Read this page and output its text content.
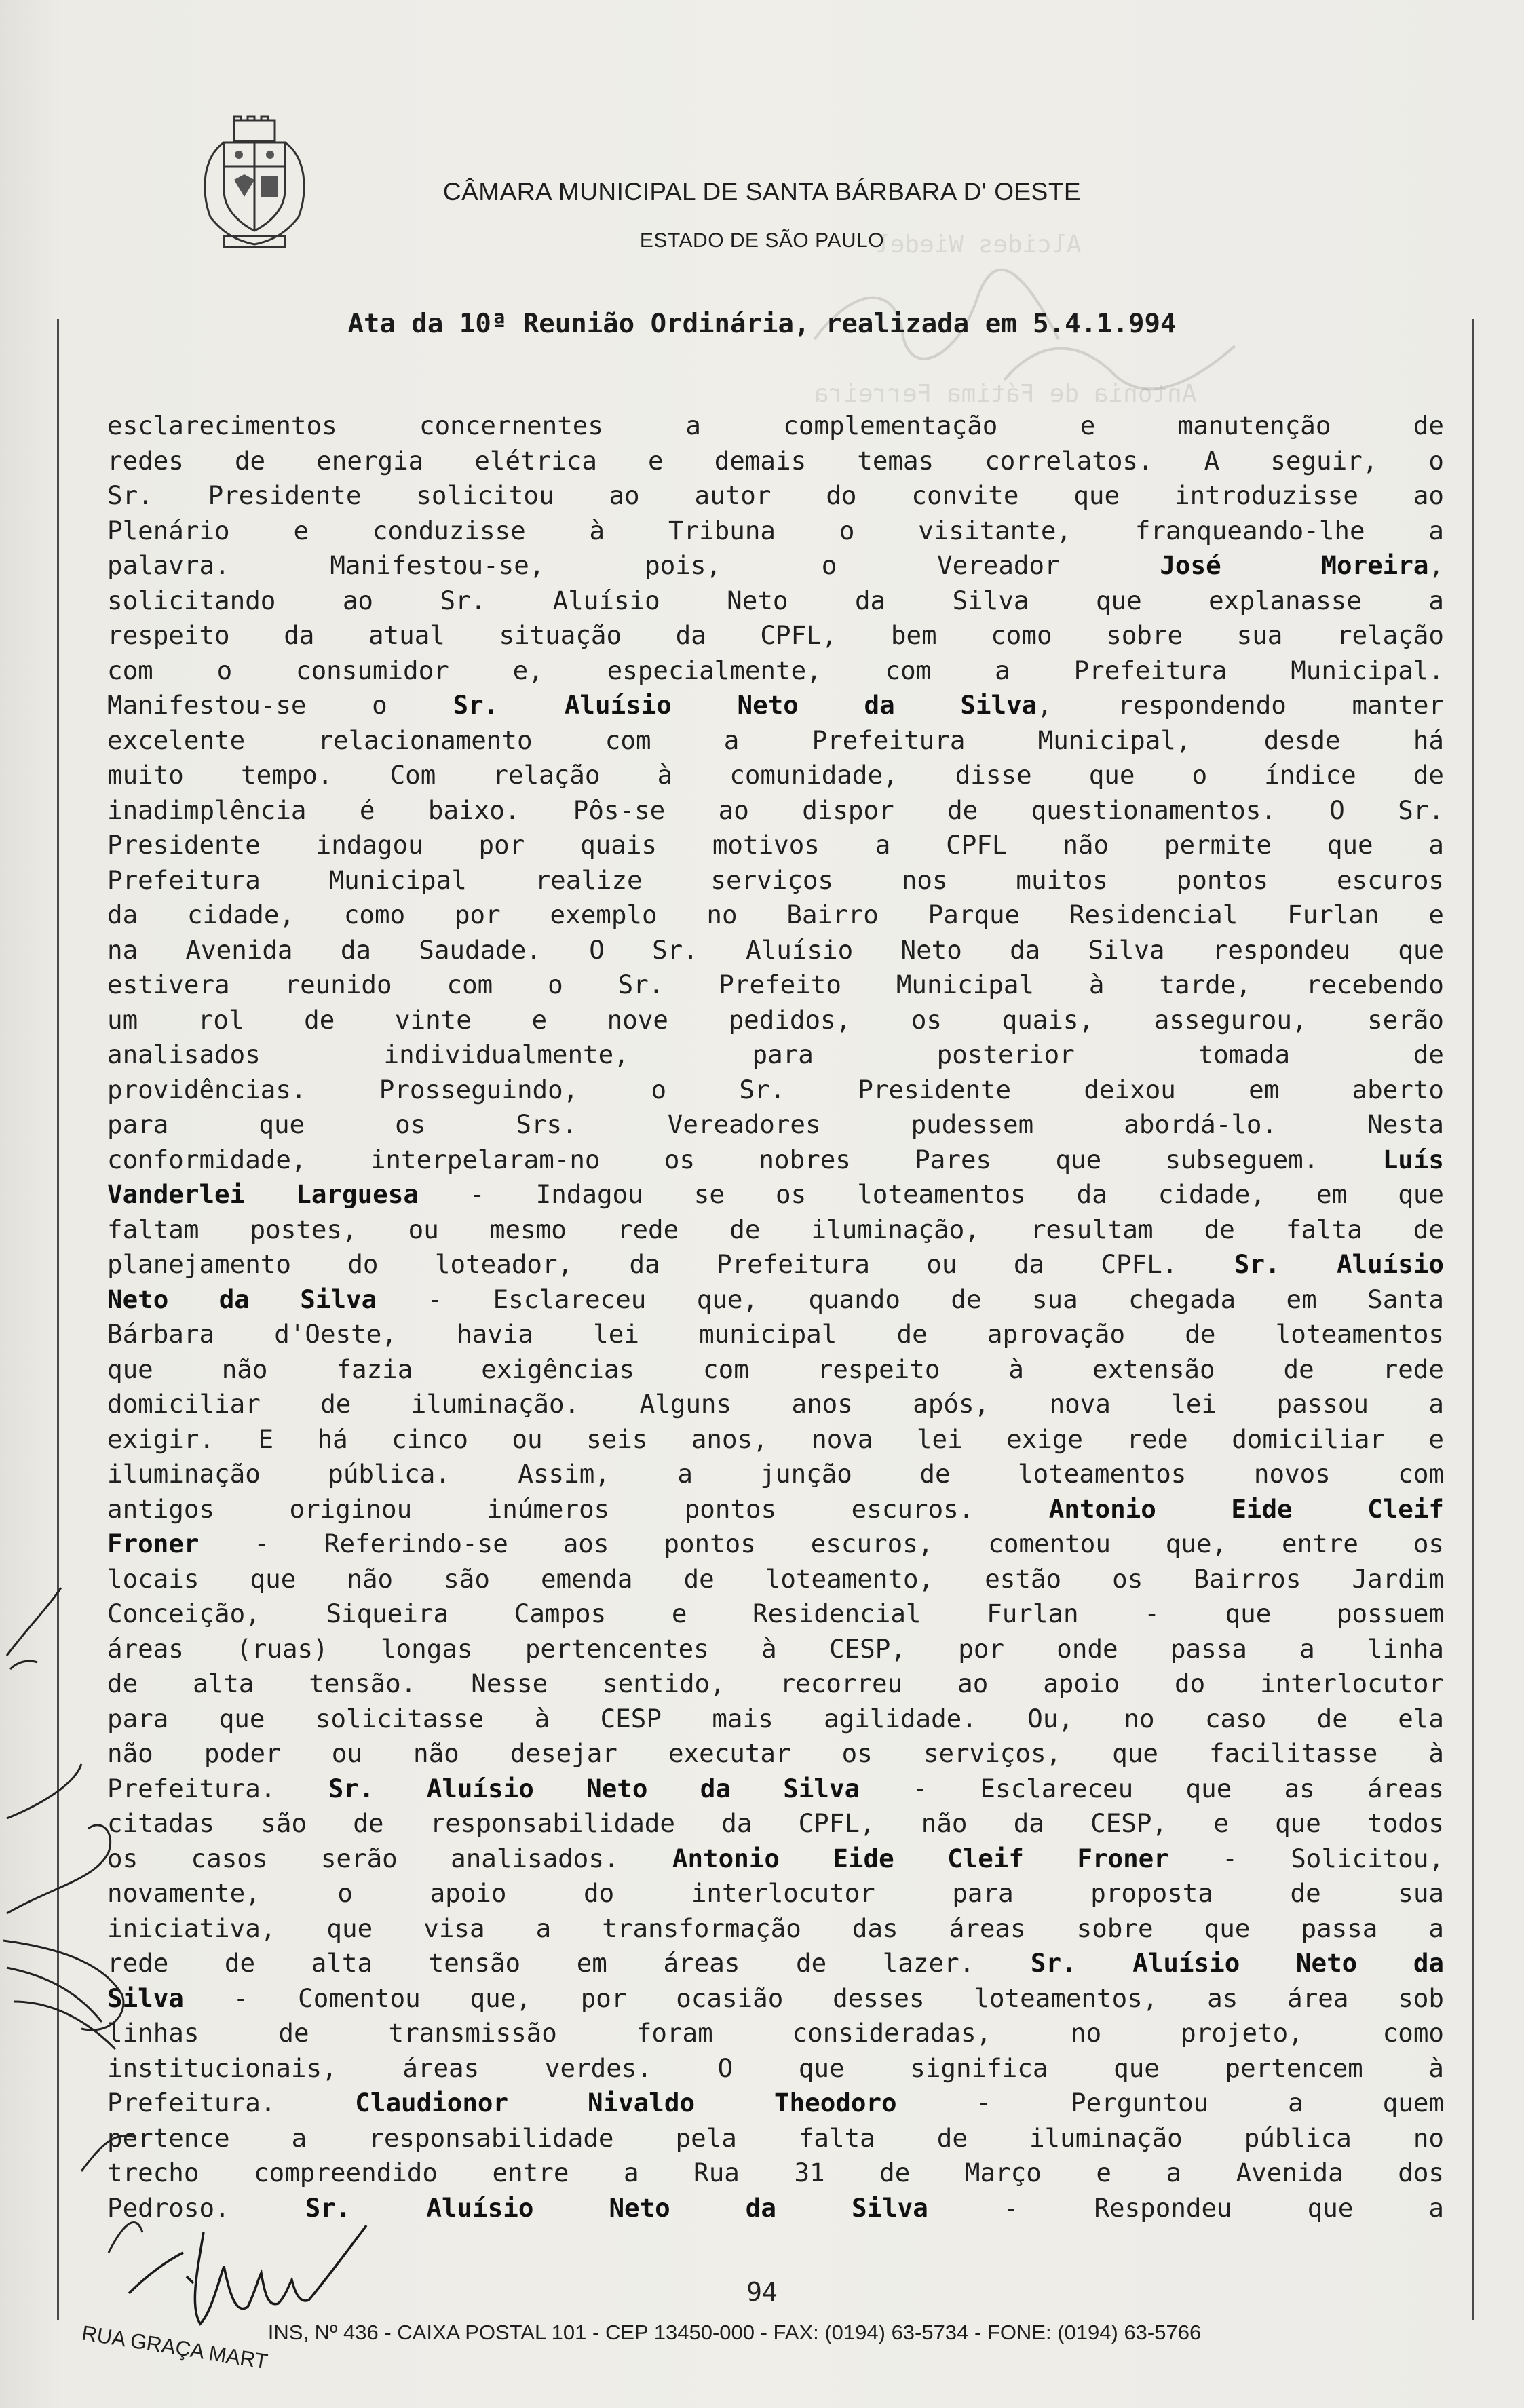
Alcides Wiedel
Antonia de Fátima Ferreira
CÂMARA MUNICIPAL DE SANTA BÁRBARA D' OESTE
ESTADO DE SÃO PAULO
Ata da 10ª Reunião Ordinária, realizada em 5.4.1.994
esclarecimentos concernentes a complementação e manutenção de
redes de energia elétrica e demais temas correlatos. A seguir, o
Sr. Presidente solicitou ao autor do convite que introduzisse ao
Plenário e conduzisse à Tribuna o visitante, franqueando-lhe a
palavra. Manifestou-se, pois, o Vereador José Moreira,
solicitando ao Sr. Aluísio Neto da Silva que explanasse a
respeito da atual situação da CPFL, bem como sobre sua relação
com o consumidor e, especialmente, com a Prefeitura Municipal.
Manifestou-se o Sr. Aluísio Neto da Silva, respondendo manter
excelente relacionamento com a Prefeitura Municipal, desde há
muito tempo. Com relação à comunidade, disse que o índice de
inadimplência é baixo. Pôs-se ao dispor de questionamentos. O Sr.
Presidente indagou por quais motivos a CPFL não permite que a
Prefeitura Municipal realize serviços nos muitos pontos escuros
da cidade, como por exemplo no Bairro Parque Residencial Furlan e
na Avenida da Saudade. O Sr. Aluísio Neto da Silva respondeu que
estivera reunido com o Sr. Prefeito Municipal à tarde, recebendo
um rol de vinte e nove pedidos, os quais, assegurou, serão
analisados individualmente, para posterior tomada de
providências. Prosseguindo, o Sr. Presidente deixou em aberto
para que os Srs. Vereadores pudessem abordá-lo. Nesta
conformidade, interpelaram-no os nobres Pares que subseguem. Luís
Vanderlei Larguesa - Indagou se os loteamentos da cidade, em que
faltam postes, ou mesmo rede de iluminação, resultam de falta de
planejamento do loteador, da Prefeitura ou da CPFL. Sr. Aluísio
Neto da Silva - Esclareceu que, quando de sua chegada em Santa
Bárbara d'Oeste, havia lei municipal de aprovação de loteamentos
que não fazia exigências com respeito à extensão de rede
domiciliar de iluminação. Alguns anos após, nova lei passou a
exigir. E há cinco ou seis anos, nova lei exige rede domiciliar e
iluminação pública. Assim, a junção de loteamentos novos com
antigos originou inúmeros pontos escuros. Antonio Eide Cleif
Froner - Referindo-se aos pontos escuros, comentou que, entre os
locais que não são emenda de loteamento, estão os Bairros Jardim
Conceição, Siqueira Campos e Residencial Furlan - que possuem
áreas (ruas) longas pertencentes à CESP, por onde passa a linha
de alta tensão. Nesse sentido, recorreu ao apoio do interlocutor
para que solicitasse à CESP mais agilidade. Ou, no caso de ela
não poder ou não desejar executar os serviços, que facilitasse à
Prefeitura. Sr. Aluísio Neto da Silva - Esclareceu que as áreas
citadas são de responsabilidade da CPFL, não da CESP, e que todos
os casos serão analisados. Antonio Eide Cleif Froner - Solicitou,
novamente, o apoio do interlocutor para proposta de sua
iniciativa, que visa a transformação das áreas sobre que passa a
rede de alta tensão em áreas de lazer. Sr. Aluísio Neto da
Silva - Comentou que, por ocasião desses loteamentos, as área sob
linhas de transmissão foram consideradas, no projeto, como
institucionais, áreas verdes. O que significa que pertencem à
Prefeitura. Claudionor Nivaldo Theodoro - Perguntou a quem
pertence a responsabilidade pela falta de iluminação pública no
trecho compreendido entre a Rua 31 de Março e a Avenida dos
Pedroso. Sr. Aluísio Neto da Silva - Respondeu que a
94
RUA GRAÇA MARTINS, Nº 436 - CAIXA POSTAL 101 - CEP 13450-000 - FAX: (0194) 63-5734 - FONE: (0194) 63-5766
